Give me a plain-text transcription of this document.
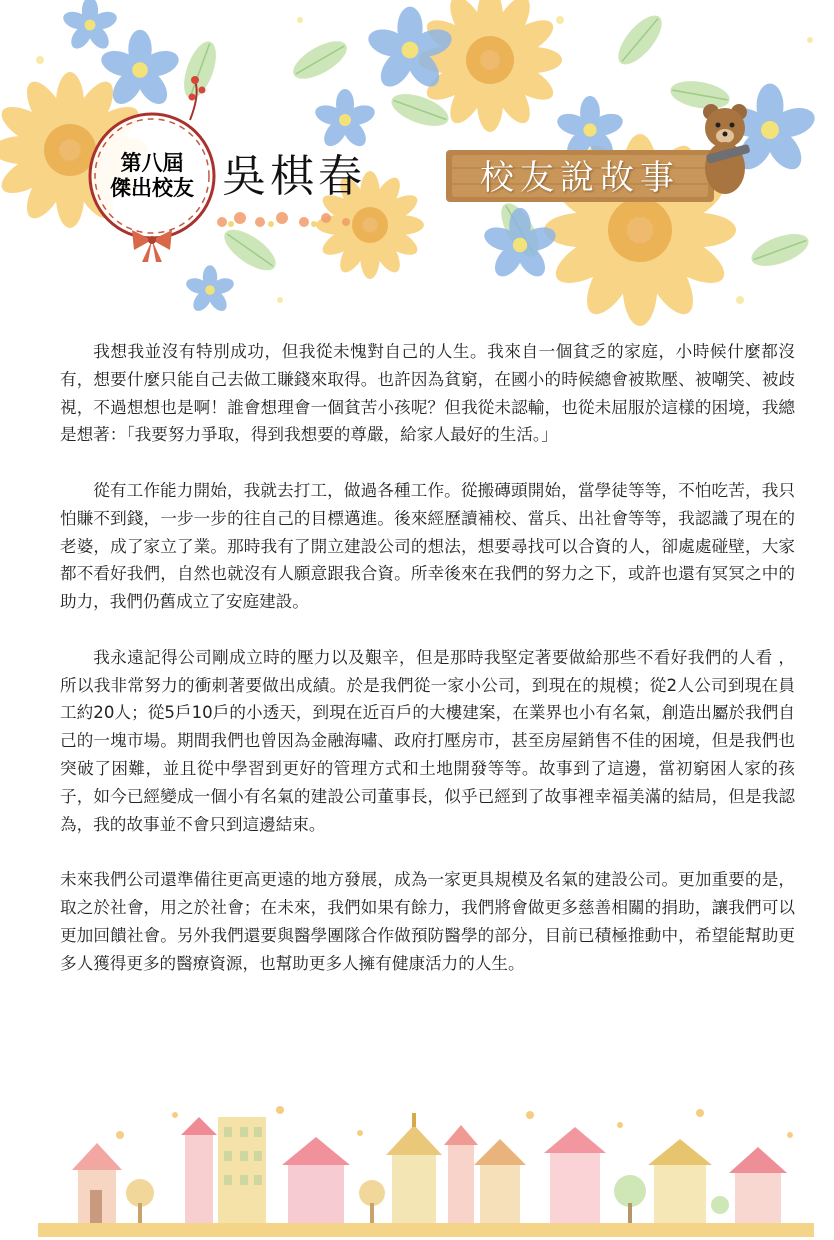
第八屆
傑出校友 吳棋春	校友說故事

我想我並沒有特別成功，但我從未愧對自己的人生。我來自一個貧乏的家庭，小時候什麼都沒有，想要什麼只能自己去做工賺錢來取得。也許因為貧窮，在國小的時候總會被欺壓、被嘲笑、被歧視，不過想想也是啊！誰會想理會一個貧苦小孩呢？但我從未認輸，也從未屈服於這樣的困境，我總是想著：「我要努力爭取，得到我想要的尊嚴，給家人最好的生活。」

從有工作能力開始，我就去打工，做過各種工作。從搬磚頭開始，當學徒等等，不怕吃苦，我只怕賺不到錢，一步一步的往自己的目標邁進。後來經歷讀補校、當兵、出社會等等，我認識了現在的老婆，成了家立了業。那時我有了開立建設公司的想法，想要尋找可以合資的人，卻處處碰壁，大家都不看好我們，自然也就沒有人願意跟我合資。所幸後來在我們的努力之下，或許也還有冥冥之中的助力，我們仍舊成立了安庭建設。

我永遠記得公司剛成立時的壓力以及艱辛，但是那時我堅定著要做給那些不看好我們的人看 ，所以我非常努力的衝刺著要做出成績。於是我們從一家小公司，到現在的規模；從2人公司到現在員工約20人；從5戶10戶的小透天，到現在近百戶的大樓建案，在業界也小有名氣，創造出屬於我們自己的一塊市場。期間我們也曾因為金融海嘯、政府打壓房市，甚至房屋銷售不佳的困境，但是我們也突破了困難，並且從中學習到更好的管理方式和土地開發等等。故事到了這邊，當初窮困人家的孩子，如今已經變成一個小有名氣的建設公司董事長，似乎已經到了故事裡幸福美滿的結局，但是我認為，我的故事並不會只到這邊結束。

未來我們公司還準備往更高更遠的地方發展，成為一家更具規模及名氣的建設公司。更加重要的是，取之於社會，用之於社會；在未來，我們如果有餘力，我們將會做更多慈善相關的捐助，讓我們可以更加回饋社會。另外我們還要與醫學團隊合作做預防醫學的部分，目前已積極推動中，希望能幫助更多人獲得更多的醫療資源，也幫助更多人擁有健康活力的人生。
